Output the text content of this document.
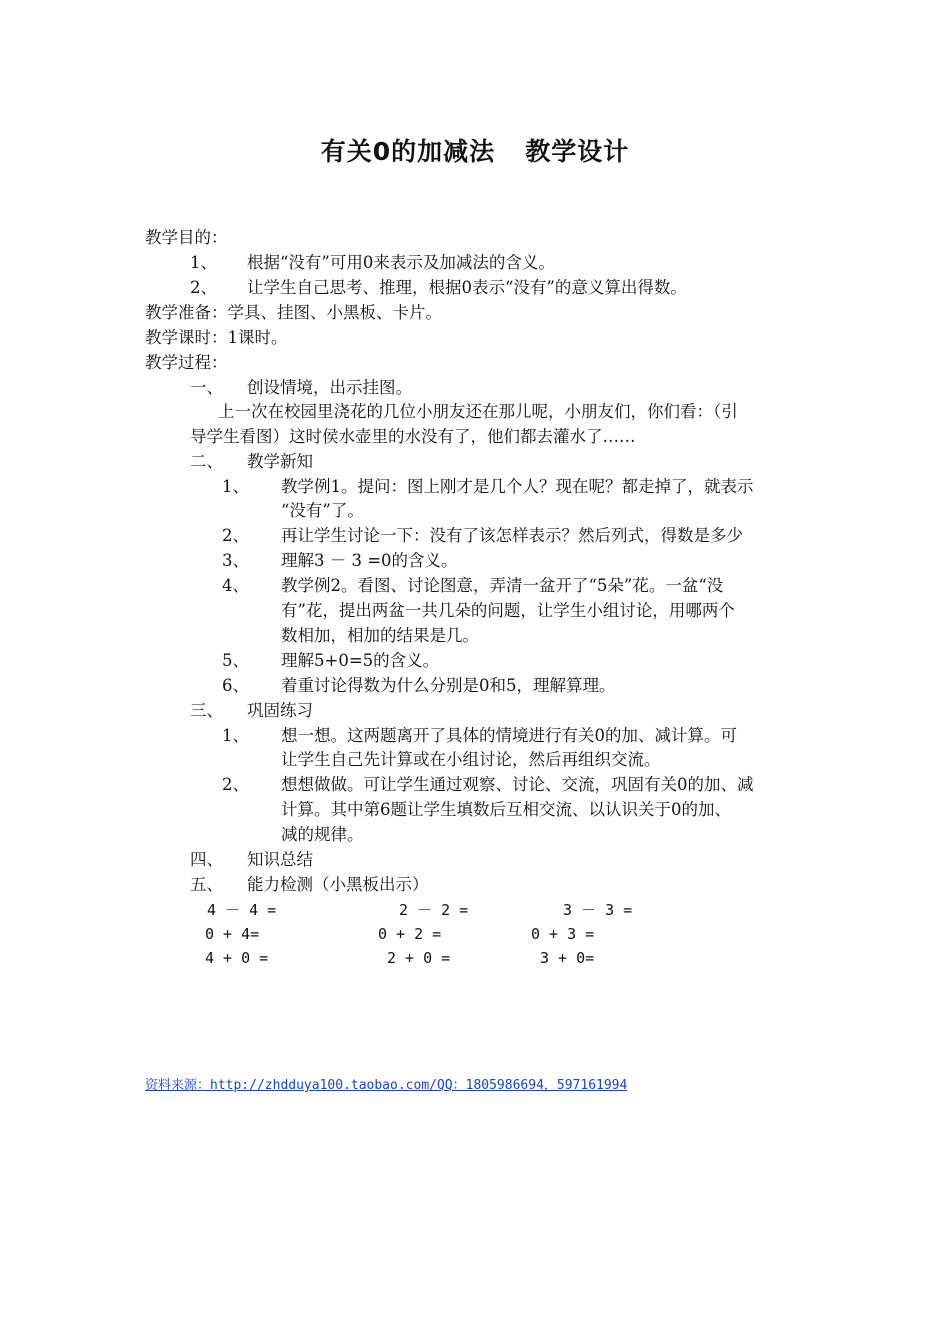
有关0的加减法 教学设计
教学目的：
1、 根据“没有”可用0来表示及加减法的含义。
2、 让学生自己思考、推理，根据0表示“没有”的意义算出得数。
教学准备：学具、挂图、小黑板、卡片。
教学课时：1课时。
教学过程：
一、 创设情境，出示挂图。
上一次在校园里浇花的几位小朋友还在那儿呢，小朋友们，你们看：（引
导学生看图）这时侯水壶里的水没有了，他们都去灌水了……
二、 教学新知
1、 教学例1。提问：图上刚才是几个人？现在呢？都走掉了，就表示
“没有”了。
2、 再让学生讨论一下：没有了该怎样表示？然后列式，得数是多少
3、 理解3 － 3 =0的含义。
4、 教学例2。看图、讨论图意，弄清一盆开了“5朵”花。一盆“没
有”花，提出两盆一共几朵的问题，让学生小组讨论，用哪两个
数相加，相加的结果是几。
5、 理解5+0=5的含义。
6、 着重讨论得数为什么分别是0和5，理解算理。
三、 巩固练习
1、 想一想。这两题离开了具体的情境进行有关0的加、减计算。可
让学生自己先计算或在小组讨论，然后再组织交流。
2、 想想做做。可让学生通过观察、讨论、交流，巩固有关0的加、减
计算。其中第6题让学生填数后互相交流、以认识关于0的加、
减的规律。
四、 知识总结
五、 能力检测（小黑板出示）
4 － 4 =	2 － 2 =	3 － 3 =
0 + 4=	0 + 2 =	0 + 3 =
4 + 0 =	2 + 0 =	3 + 0=
资料来源：http://zhdduya100.taobao.com/QQ：1805986694，597161994
